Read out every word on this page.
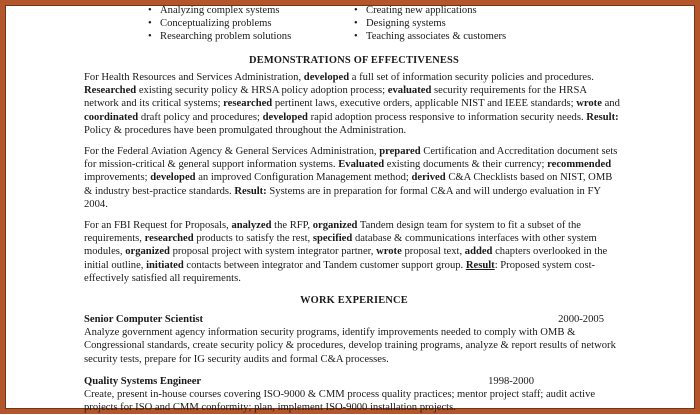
• Analyzing complex systems	• Creating new applications
• Conceptualizing problems	• Designing systems
• Researching problem solutions	• Teaching associates & customers
DEMONSTRATIONS OF EFFECTIVENESS
For Health Resources and Services Administration, developed a full set of information security policies and procedures. Researched existing security policy & HRSA policy adoption process; evaluated security requirements for the HRSA network and its critical systems; researched pertinent laws, executive orders, applicable NIST and IEEE standards; wrote and coordinated draft policy and procedures; developed rapid adoption process responsive to information security needs. Result: Policy & procedures have been promulgated throughout the Administration.
For the Federal Aviation Agency & General Services Administration, prepared Certification and Accreditation document sets for mission-critical & general support information systems. Evaluated existing documents & their currency; recommended improvements; developed an improved Configuration Management method; derived C&A Checklists based on NIST, OMB & industry best-practice standards. Result: Systems are in preparation for formal C&A and will undergo evaluation in FY 2004.
For an FBI Request for Proposals, analyzed the RFP, organized Tandem design team for system to fit a subset of the requirements, researched products to satisfy the rest, specified database & communications interfaces with other system modules, organized proposal project with system integrator partner, wrote proposal text, added chapters overlooked in the initial outline, initiated contacts between integrator and Tandem customer support group. Result: Proposed system cost-effectively satisfied all requirements.
WORK EXPERIENCE
Senior Computer Scientist	2000-2005
Analyze government agency information security programs, identify improvements needed to comply with OMB & Congressional standards, create security policy & procedures, develop training programs, analyze & report results of network security tests, prepare for IG security audits and formal C&A processes.
Quality Systems Engineer	1998-2000
Create, present in-house courses covering ISO-9000 & CMM process quality practices; mentor project staff; audit active projects for ISO and CMM conformity; plan, implement ISO-9000 installation projects.
